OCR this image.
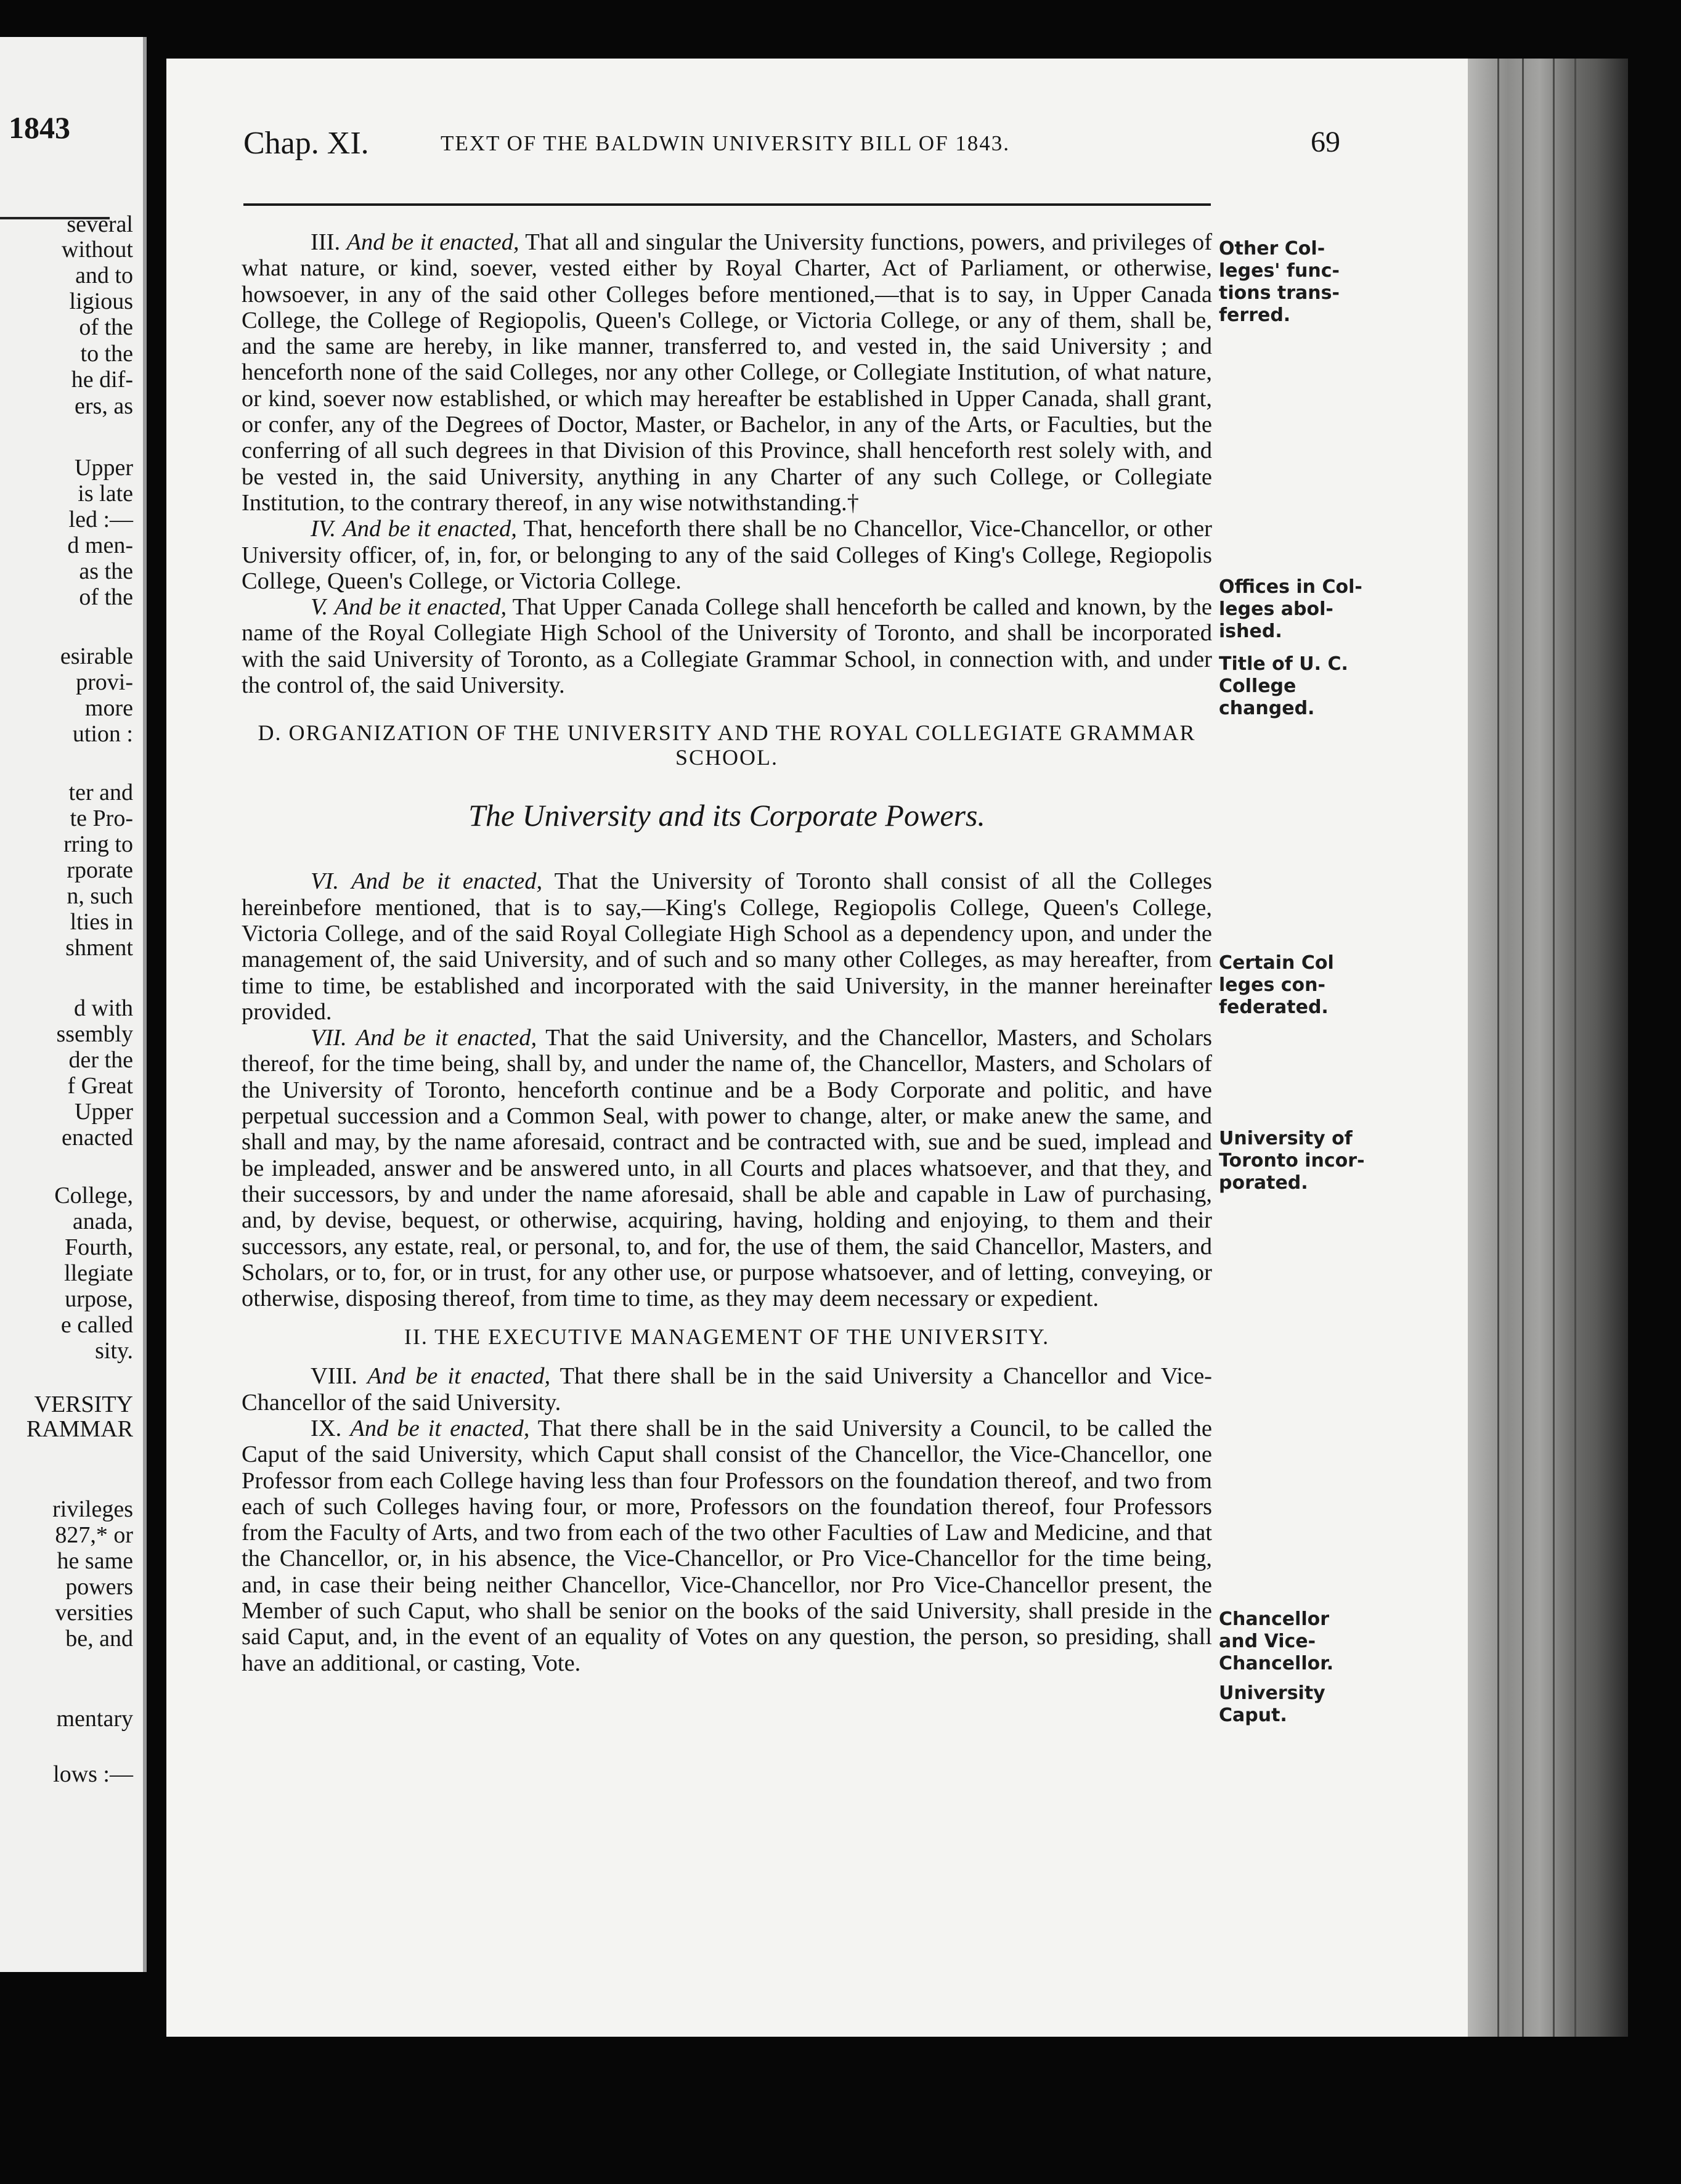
1843
several
without
and to
ligious
of the
to the
he dif-
ers, as
Upper
is late
led :—
d men-
as the
of the
esirable
provi-
more
ution :
ter and
te Pro-
rring to
rporate
n, such
lties in
shment
d with
ssembly
der the
f Great
Upper
enacted
College,
anada,
Fourth,
llegiate
urpose,
e called
sity.
VERSITY
RAMMAR
rivileges
827,* or
he same
powers
versities
be, and
mentary
lows :—
Chap. XI.	TEXT OF THE BALDWIN UNIVERSITY BILL OF 1843.	69

III. And be it enacted, That all and singular the University functions, powers, and privileges of what nature, or kind, soever, vested either by Royal Charter, Act of Parliament, or otherwise, howsoever, in any of the said other Colleges before mentioned,—that is to say, in Upper Canada College, the College of Regiopolis, Queen's College, or Victoria College, or any of them, shall be, and the same are hereby, in like manner, transferred to, and vested in, the said University ; and henceforth none of the said Colleges, nor any other College, or Collegiate Institution, of what nature, or kind, soever now established, or which may hereafter be established in Upper Canada, shall grant, or confer, any of the Degrees of Doctor, Master, or Bachelor, in any of the Arts, or Faculties, but the conferring of all such degrees in that Division of this Province, shall henceforth rest solely with, and be vested in, the said University, anything in any Charter of any such College, or Collegiate Institution, to the contrary thereof, in any wise notwithstanding.†

IV. And be it enacted, That, henceforth there shall be no Chancellor, Vice-Chancellor, or other University officer, of, in, for, or belonging to any of the said Colleges of King's College, Regiopolis College, Queen's College, or Victoria College.

V. And be it enacted, That Upper Canada College shall henceforth be called and known, by the name of the Royal Collegiate High School of the University of Toronto, and shall be incorporated with the said University of Toronto, as a Collegiate Grammar School, in connection with, and under the control of, the said University.

D. ORGANIZATION OF THE UNIVERSITY AND THE ROYAL COLLEGIATE GRAMMAR
SCHOOL.
The University and its Corporate Powers.

VI. And be it enacted, That the University of Toronto shall consist of all the Colleges hereinbefore mentioned, that is to say,—King's College, Regiopolis College, Queen's College, Victoria College, and of the said Royal Collegiate High School as a dependency upon, and under the management of, the said University, and of such and so many other Colleges, as may hereafter, from time to time, be established and incorporated with the said University, in the manner hereinafter provided.

VII. And be it enacted, That the said University, and the Chancellor, Masters, and Scholars thereof, for the time being, shall by, and under the name of, the Chancellor, Masters, and Scholars of the University of Toronto, henceforth continue and be a Body Corporate and politic, and have perpetual succession and a Common Seal, with power to change, alter, or make anew the same, and shall and may, by the name aforesaid, contract and be contracted with, sue and be sued, implead and be impleaded, answer and be answered unto, in all Courts and places whatsoever, and that they, and their successors, by and under the name aforesaid, shall be able and capable in Law of purchasing, and, by devise, bequest, or otherwise, acquiring, having, holding and enjoying, to them and their successors, any estate, real, or personal, to, and for, the use of them, the said Chancellor, Masters, and Scholars, or to, for, or in trust, for any other use, or purpose whatsoever, and of letting, conveying, or otherwise, disposing thereof, from time to time, as they may deem necessary or expedient.

II. THE EXECUTIVE MANAGEMENT OF THE UNIVERSITY.

VIII. And be it enacted, That there shall be in the said University a Chancellor and Vice-Chancellor of the said University.

IX. And be it enacted, That there shall be in the said University a Council, to be called the Caput of the said University, which Caput shall consist of the Chancellor, the Vice-Chancellor, one Professor from each College having less than four Professors on the foundation thereof, and two from each of such Colleges having four, or more, Professors on the foundation thereof, four Professors from the Faculty of Arts, and two from each of the two other Faculties of Law and Medicine, and that the Chancellor, or, in his absence, the Vice-Chancellor, or Pro Vice-Chancellor for the time being, and, in case their being neither Chancellor, Vice-Chancellor, nor Pro Vice-Chancellor present, the Member of such Caput, who shall be senior on the books of the said University, shall preside in the said Caput, and, in the event of an equality of Votes on any question, the person, so presiding, shall have an additional, or casting, Vote.

Other Col-
leges' func-
tions trans-
ferred.
Offices in Col-
leges abol-
ished.
Title of U. C.
College
changed.
Certain Col
leges con-
federated.
University of
Toronto incor-
porated.
Chancellor
and Vice-
Chancellor.
University
Caput.
